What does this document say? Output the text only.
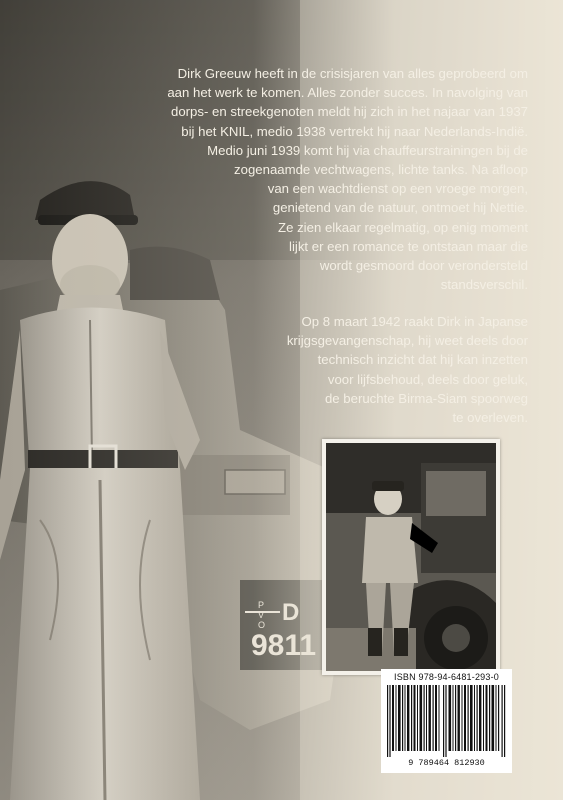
Dirk Greeuw heeft in de crisisjaren van alles geprobeerd om

aan het werk te komen. Alles zonder succes. In navolging van

dorps- en streekgenoten meldt hij zich in het najaar van 1937

bij het KNIL, medio 1938 vertrekt hij naar Nederlands-Indië.

Medio juni 1939 komt hij via chauffeurstrainingen bij de

zogenaamde vechtwagens, lichte tanks. Na afloop

van een wachtdienst op een vroege morgen,

genietend van de natuur, ontmoet hij Nettie.

Ze zien elkaar regelmatig, op enig moment

lijkt er een romance te ontstaan maar die

wordt gesmoord door verondersteld

standsverschil.

Op 8 maart 1942 raakt Dirk in Japanse

krijgsgevangenschap, hij weet deels door

technisch inzicht dat hij kan inzetten

voor lijfsbehoud, deels door geluk,

de beruchte Birma-Siam spoorweg

te overleven.

ISBN 978-94-6481-293-0
9 789464 812930
